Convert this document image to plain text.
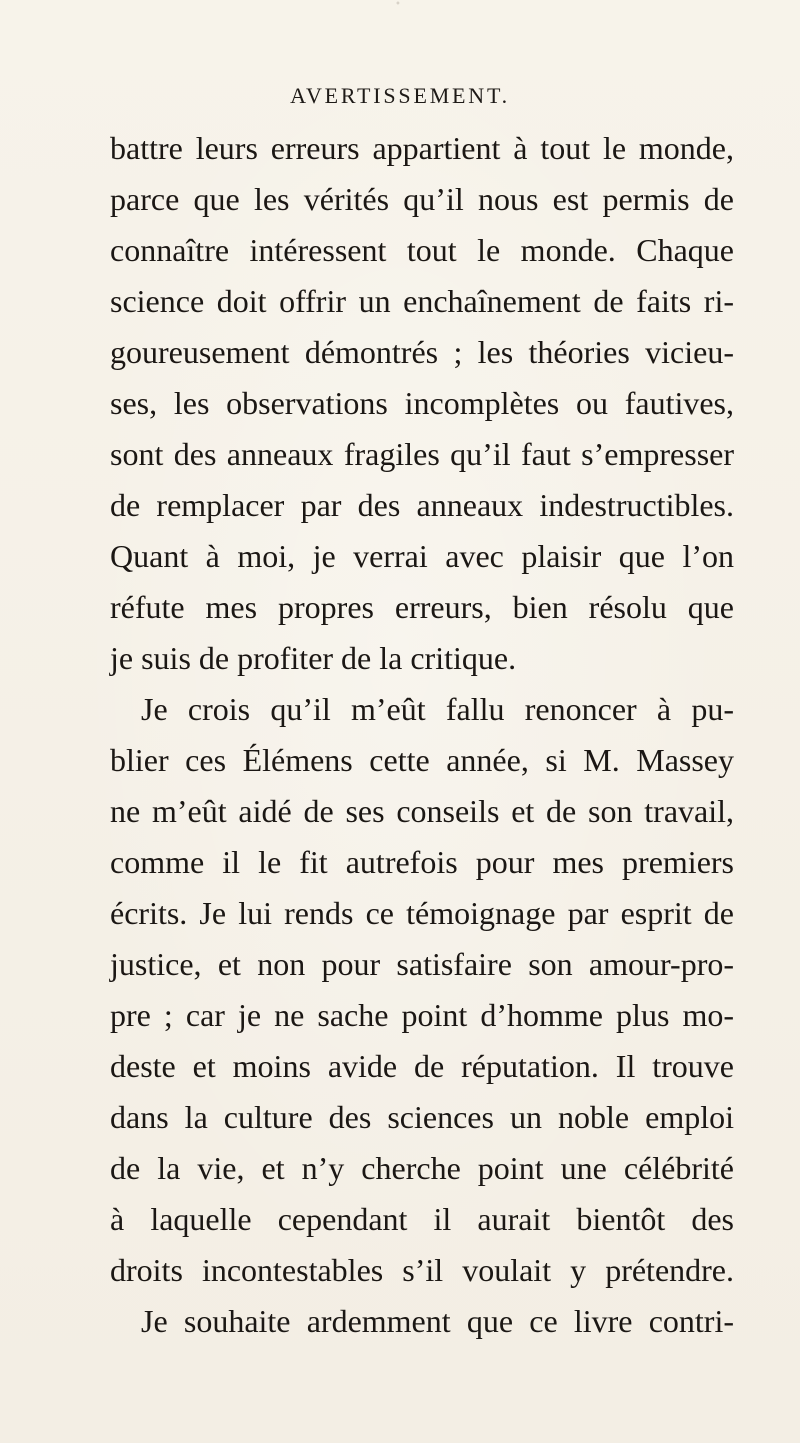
•
AVERTISSEMENT.
battre leurs erreurs appartient à tout le monde,
parce que les vérités qu’il nous est permis de
connaître intéressent tout le monde. Chaque
science doit offrir un enchaînement de faits ri-
goureusement démontrés ; les théories vicieu-
ses, les observations incomplètes ou fautives,
sont des anneaux fragiles qu’il faut s’empresser
de remplacer par des anneaux indestructibles.
Quant à moi, je verrai avec plaisir que l’on
réfute mes propres erreurs, bien résolu que
je suis de profiter de la critique.
Je crois qu’il m’eût fallu renoncer à pu-
blier ces Élémens cette année, si M. Massey
ne m’eût aidé de ses conseils et de son travail,
comme il le fit autrefois pour mes premiers
écrits. Je lui rends ce témoignage par esprit de
justice, et non pour satisfaire son amour-pro-
pre ; car je ne sache point d’homme plus mo-
deste et moins avide de réputation. Il trouve
dans la culture des sciences un noble emploi
de la vie, et n’y cherche point une célébrité
à laquelle cependant il aurait bientôt des
droits incontestables s’il voulait y prétendre.
Je souhaite ardemment que ce livre contri-
